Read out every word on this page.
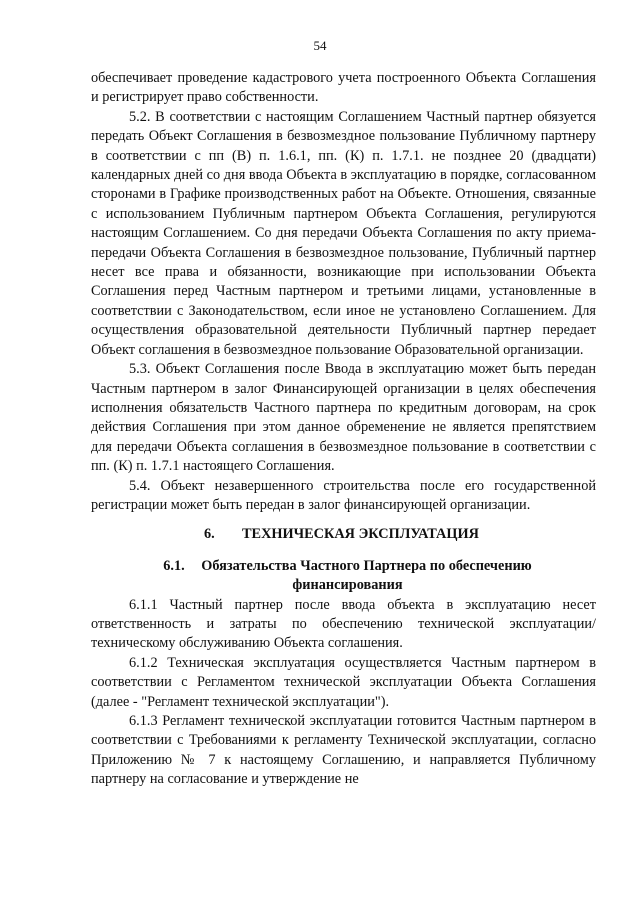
54

обеспечивает проведение кадастрового учета построенного Объекта Соглашения и регистрирует право собственности.

5.2. В соответствии с настоящим Соглашением Частный партнер обязуется передать Объект Соглашения в безвозмездное пользование Публичному партнеру в соответствии с пп (В) п. 1.6.1, пп. (К) п. 1.7.1. не позднее 20 (двадцати) календарных дней со дня ввода Объекта в эксплуатацию в порядке, согласованном сторонами в Графике производственных работ на Объекте. Отношения, связанные с использованием Публичным партнером Объекта Соглашения, регулируются настоящим Соглашением. Со дня передачи Объекта Соглашения по акту приема-передачи Объекта Соглашения в безвозмездное пользование, Публичный партнер несет все права и обязанности, возникающие при использовании Объекта Соглашения перед Частным партнером и третьими лицами, установленные в соответствии с Законодательством, если иное не установлено Соглашением. Для осуществления образовательной деятельности Публичный партнер передает Объект соглашения в безвозмездное пользование Образовательной организации.

5.3. Объект Соглашения после Ввода в эксплуатацию может быть передан Частным партнером в залог Финансирующей организации в целях обеспечения исполнения обязательств Частного партнера по кредитным договорам, на срок действия Соглашения при этом данное обременение не является препятствием для передачи Объекта соглашения в безвозмездное пользование в соответствии с пп. (К) п. 1.7.1 настоящего Соглашения.

5.4. Объект незавершенного строительства после его государственной регистрации может быть передан в залог финансирующей организации.

6. ТЕХНИЧЕСКАЯ ЭКСПЛУАТАЦИЯ

6.1. Обязательства Частного Партнера по обеспечению
финансирования

6.1.1 Частный партнер после ввода объекта в эксплуатацию несет ответственность и затраты по обеспечению технической эксплуатации/техническому обслуживанию Объекта соглашения.

6.1.2 Техническая эксплуатация осуществляется Частным партнером в соответствии с Регламентом технической эксплуатации Объекта Соглашения (далее - "Регламент технической эксплуатации").

6.1.3 Регламент технической эксплуатации готовится Частным партнером в соответствии с Требованиями к регламенту Технической эксплуатации, согласно Приложению № 7 к настоящему Соглашению, и направляется Публичному партнеру на согласование и утверждение не
